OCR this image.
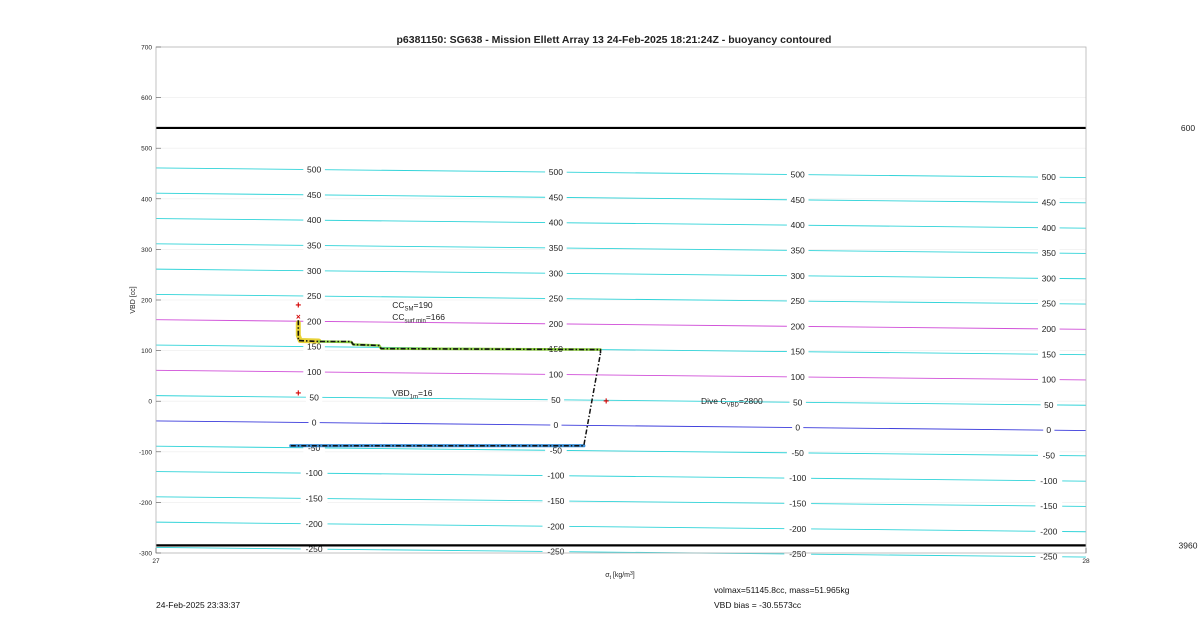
500	500	500	500
450	450	450	450
400	400	400	400
350	350	350	350
300	300	300	300
250	250	250	250
200	200	200	200
150	150	150	150
100	100	100	100
50	50	50	50
0	0	0	0
-50	-50	-50	-50
-100	-100	-100	-100
-150	-150	-150	-150
-200	-200	-200	-200
-250	-250	-250	-250
600
3960
+
×
+
+
700
600
500
400
300
200
100
0
-100
-200
-300
27	28
$CC_{SM}=190$
$CC_{surf min}=166$
$VBD_{1m}=16$
Dive $C_{VBD}=2800$
p6381150: SG638 - Mission Ellett Array 13 24-Feb-2025 18:21:24Z - buoyancy contoured
VBD [cc]
$\sigma_t$ $[kg/m^3]$
24-Feb-2025 23:33:37
volmax=51145.8cc, mass=51.965kg
VBD bias = -30.5573cc
